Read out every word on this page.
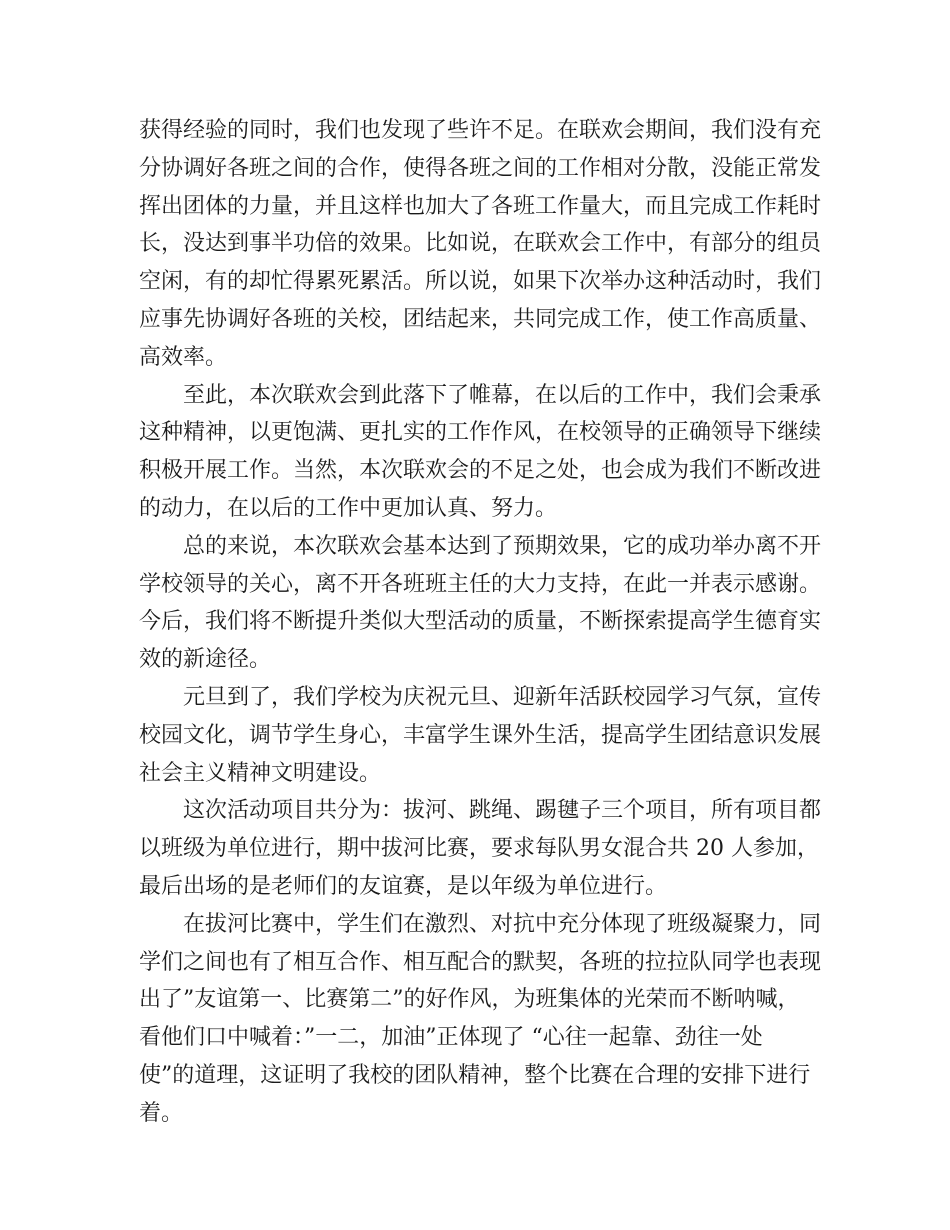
获得经验的同时，我们也发现了些许不足。在联欢会期间，我们没有充
分协调好各班之间的合作，使得各班之间的工作相对分散，没能正常发
挥出团体的力量，并且这样也加大了各班工作量大，而且完成工作耗时
长，没达到事半功倍的效果。比如说，在联欢会工作中，有部分的组员
空闲，有的却忙得累死累活。所以说，如果下次举办这种活动时，我们
应事先协调好各班的关校，团结起来，共同完成工作，使工作高质量、
高效率。
至此，本次联欢会到此落下了帷幕，在以后的工作中，我们会秉承
这种精神，以更饱满、更扎实的工作作风，在校领导的正确领导下继续
积极开展工作。当然，本次联欢会的不足之处，也会成为我们不断改进
的动力，在以后的工作中更加认真、努力。
总的来说，本次联欢会基本达到了预期效果，它的成功举办离不开
学校领导的关心，离不开各班班主任的大力支持，在此一并表示感谢。
今后，我们将不断提升类似大型活动的质量，不断探索提高学生德育实
效的新途径。
元旦到了，我们学校为庆祝元旦、迎新年活跃校园学习气氛，宣传
校园文化，调节学生身心，丰富学生课外生活，提高学生团结意识发展
社会主义精神文明建设。
这次活动项目共分为：拔河、跳绳、踢毽子三个项目，所有项目都
以班级为单位进行，期中拔河比赛，要求每队男女混合共 20 人参加，
最后出场的是老师们的友谊赛，是以年级为单位进行。
在拔河比赛中，学生们在激烈、对抗中充分体现了班级凝聚力，同
学们之间也有了相互合作、相互配合的默契，各班的拉拉队同学也表现
出了”友谊第一、比赛第二”的好作风，为班集体的光荣而不断呐喊，
看他们口中喊着：”一二，加油”正体现了 “心往一起靠、劲往一处
使”的道理，这证明了我校的团队精神，整个比赛在合理的安排下进行
着。
